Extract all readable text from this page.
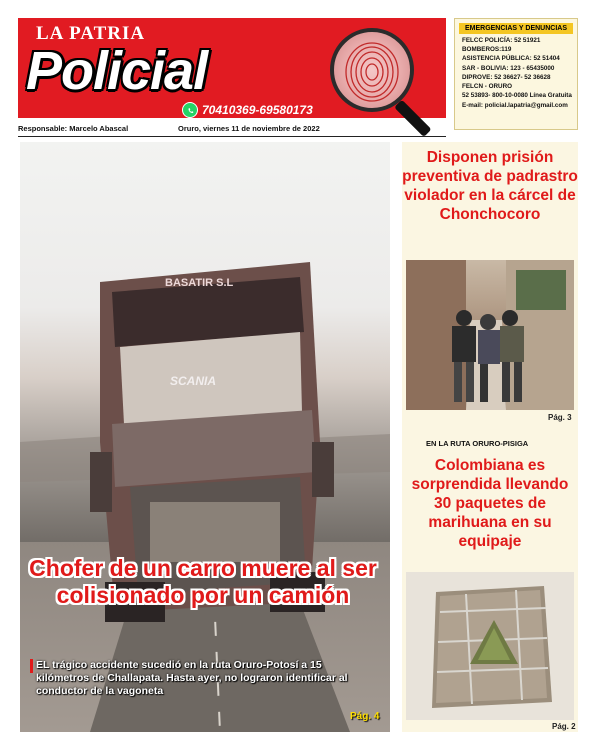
LA PATRIA
Policial
70410369-69580173
EMERGENCIAS Y DENUNCIAS
FELCC POLICÍA: 52 51921
BOMBEROS:119
ASISTENCIA PÚBLICA: 52 51404
SAR - BOLIVIA: 123 - 65435000
DIPROVE: 52 36627- 52 36628
FELCN - ORURO
52 53893- 800-10-0080 Línea Gratuita
E-mail: policial.lapatria@gmail.com
Responsable: Marcelo Abascal	Oruro, viernes 11 de noviembre de 2022
BASATIR S.L
SCANIA
Chofer de un carro muere al ser colisionado por un camión
EL trágico accidente sucedió en la ruta Oruro-Potosí a 15 kilómetros de Challapata. Hasta ayer, no lograron identificar al conductor de la vagoneta
Pág. 4
Disponen prisión preventiva de padrastro violador en la cárcel de Chonchocoro
Pág. 3
EN LA RUTA ORURO-PISIGA
Colombiana es sorprendida llevando 30 paquetes de marihuana en su equipaje
Pág. 2
